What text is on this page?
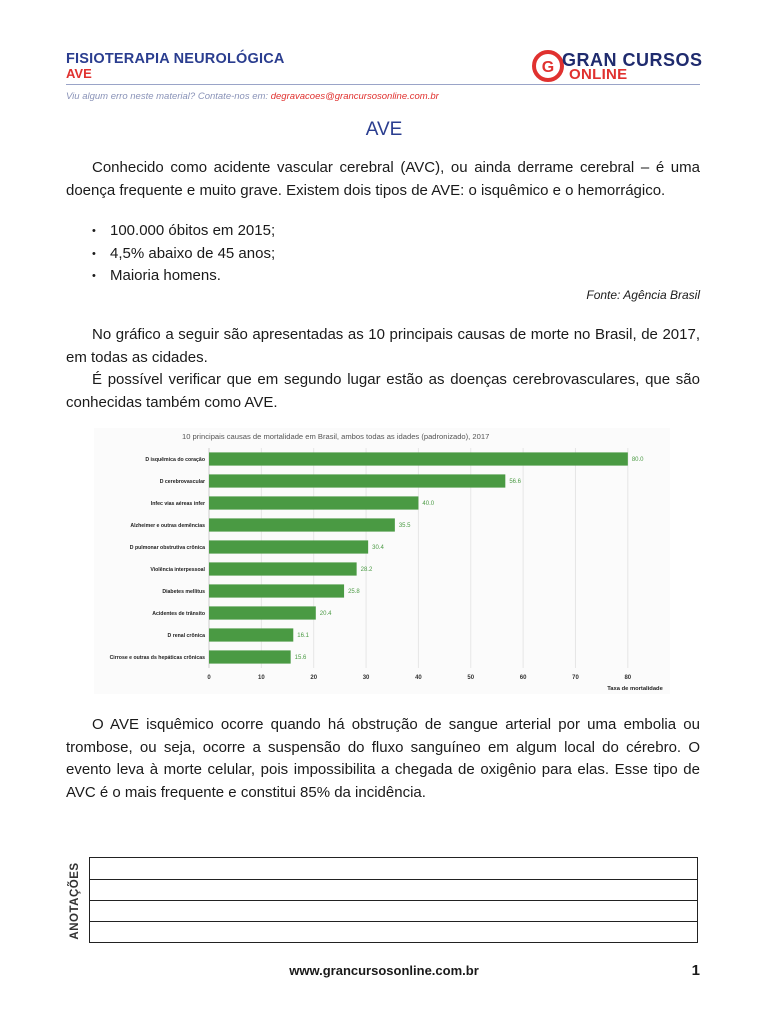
FISIOTERAPIA NEUROLÓGICA
AVE
Viu algum erro neste material? Contate-nos em: degravacoes@grancursosonline.com.br
G GRAN CURSOS
ONLINE
AVE
Conhecido como acidente vascular cerebral (AVC), ou ainda derrame cerebral – é uma doença frequente e muito grave. Existem dois tipos de AVE: o isquêmico e o hemorrágico.
• 100.000 óbitos em 2015;
• 4,5% abaixo de 45 anos;
• Maioria homens.
Fonte: Agência Brasil
No gráfico a seguir são apresentadas as 10 principais causas de morte no Brasil, de 2017, em todas as cidades.
É possível verificar que em segundo lugar estão as doenças cerebrovasculares, que são conhecidas também como AVE.
10 principais causas de mortalidade em Brasil, ambos todas as idades (padronizado), 2017
0	10	20	30	40	50	60	70	80
D isquêmica do coração	80.0
D cerebrovascular	56.6
Infec vias aéreas infer	40.0
Alzheimer e outras demências	35.5
D pulmonar obstrutiva crônica	30.4
Violência interpessoal	28.2
Diabetes mellitus	25.8
Acidentes de trânsito	20.4
D renal crônica	16.1
Cirrose e outras ds hepáticas crônicas	15.6
Taxa de mortalidade
O AVE isquêmico ocorre quando há obstrução de sangue arterial por uma embolia ou trombose, ou seja, ocorre a suspensão do fluxo sanguíneo em algum local do cérebro. O evento leva à morte celular, pois impossibilita a chegada de oxigênio para elas. Esse tipo de AVC é o mais frequente e constitui 85% da incidência.
ANOTAÇÕES
www.grancursosonline.com.br	1
